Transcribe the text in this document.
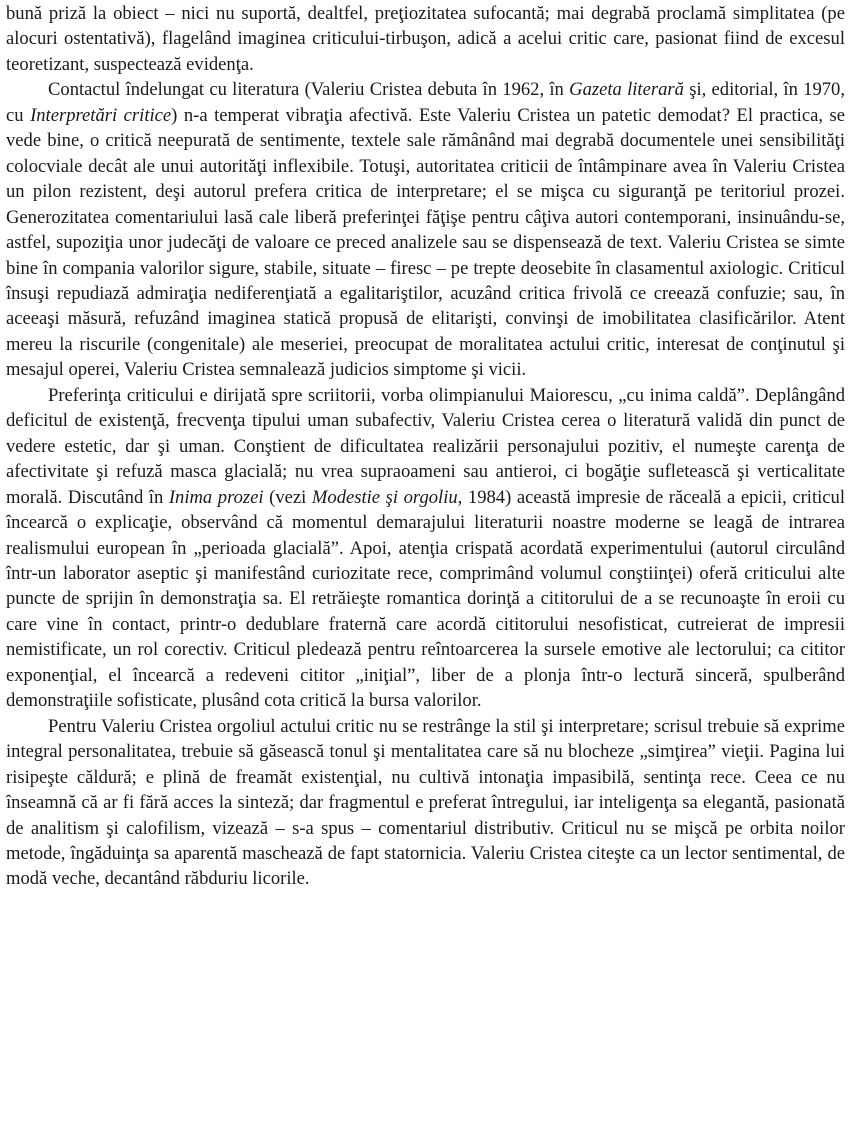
bună priză la obiect – nici nu suportă, dealtfel, preţiozitatea sufocantă; mai degrabă proclamă simplitatea (pe alocuri ostentativă), flagelând imaginea criticului-tirbuşon, adică a acelui critic care, pasionat fiind de excesul teoretizant, suspectează evidenţa.

Contactul îndelungat cu literatura (Valeriu Cristea debuta în 1962, în Gazeta literară şi, editorial, în 1970, cu Interpretări critice) n-a temperat vibraţia afectivă. Este Valeriu Cristea un patetic demodat? El practica, se vede bine, o critică neepurată de sentimente, textele sale rămânând mai degrabă documentele unei sensibilităţi colocviale decât ale unui autorităţi inflexibile. Totuşi, autoritatea criticii de întâmpinare avea în Valeriu Cristea un pilon rezistent, deşi autorul prefera critica de interpretare; el se mişca cu siguranţă pe teritoriul prozei. Generozitatea comentariului lasă cale liberă preferinţei făţişe pentru câţiva autori contemporani, insinuându-se, astfel, supoziţia unor judecăţi de valoare ce preced analizele sau se dispensează de text. Valeriu Cristea se simte bine în compania valorilor sigure, stabile, situate – firesc – pe trepte deosebite în clasamentul axiologic. Criticul însuşi repudiază admiraţia nediferenţiată a egalitariştilor, acuzând critica frivolă ce creează confuzie; sau, în aceeaşi măsură, refuzând imaginea statică propusă de elitarişti, convinşi de imobilitatea clasificărilor. Atent mereu la riscurile (congenitale) ale meseriei, preocupat de moralitatea actului critic, interesat de conţinutul şi mesajul operei, Valeriu Cristea semnalează judicios simptome şi vicii.

Preferinţa criticului e dirijată spre scriitorii, vorba olimpianului Maiorescu, „cu inima caldă”. Deplângând deficitul de existenţă, frecvenţa tipului uman subafectiv, Valeriu Cristea cerea o literatură validă din punct de vedere estetic, dar şi uman. Conştient de dificultatea realizării personajului pozitiv, el numeşte carenţa de afectivitate şi refuză masca glacială; nu vrea supraoameni sau antieroi, ci bogăţie sufletească şi verticalitate morală. Discutând în Inima prozei (vezi Modestie şi orgoliu, 1984) această impresie de răceală a epicii, criticul încearcă o explicaţie, observând că momentul demarajului literaturii noastre moderne se leagă de intrarea realismului european în „perioada glacială”. Apoi, atenţia crispată acordată experimentului (autorul circulând într-un laborator aseptic şi manifestând curiozitate rece, comprimând volumul conştiinţei) oferă criticului alte puncte de sprijin în demonstraţia sa. El retrăieşte romantica dorinţă a cititorului de a se recunoaşte în eroii cu care vine în contact, printr-o dedublare fraternă care acordă cititorului nesofisticat, cutreierat de impresii nemistificate, un rol corectiv. Criticul pledează pentru reîntoarcerea la sursele emotive ale lectorului; ca cititor exponenţial, el încearcă a redeveni cititor „iniţial”, liber de a plonja într-o lectură sinceră, spulberând demonstraţiile sofisticate, plusând cota critică la bursa valorilor.

Pentru Valeriu Cristea orgoliul actului critic nu se restrânge la stil şi interpretare; scrisul trebuie să exprime integral personalitatea, trebuie să găsească tonul şi mentalitatea care să nu blocheze „simţirea” vieţii. Pagina lui risipeşte căldură; e plină de freamăt existenţial, nu cultivă intonaţia impasibilă, sentinţa rece. Ceea ce nu înseamnă că ar fi fără acces la sinteză; dar fragmentul e preferat întregului, iar inteligenţa sa elegantă, pasionată de analitism şi calofilism, vizează – s-a spus – comentariul distributiv. Criticul nu se mişcă pe orbita noilor metode, îngăduinţa sa aparentă maschează de fapt statornicia. Valeriu Cristea citeşte ca un lector sentimental, de modă veche, decantând răbduriu licorile.
